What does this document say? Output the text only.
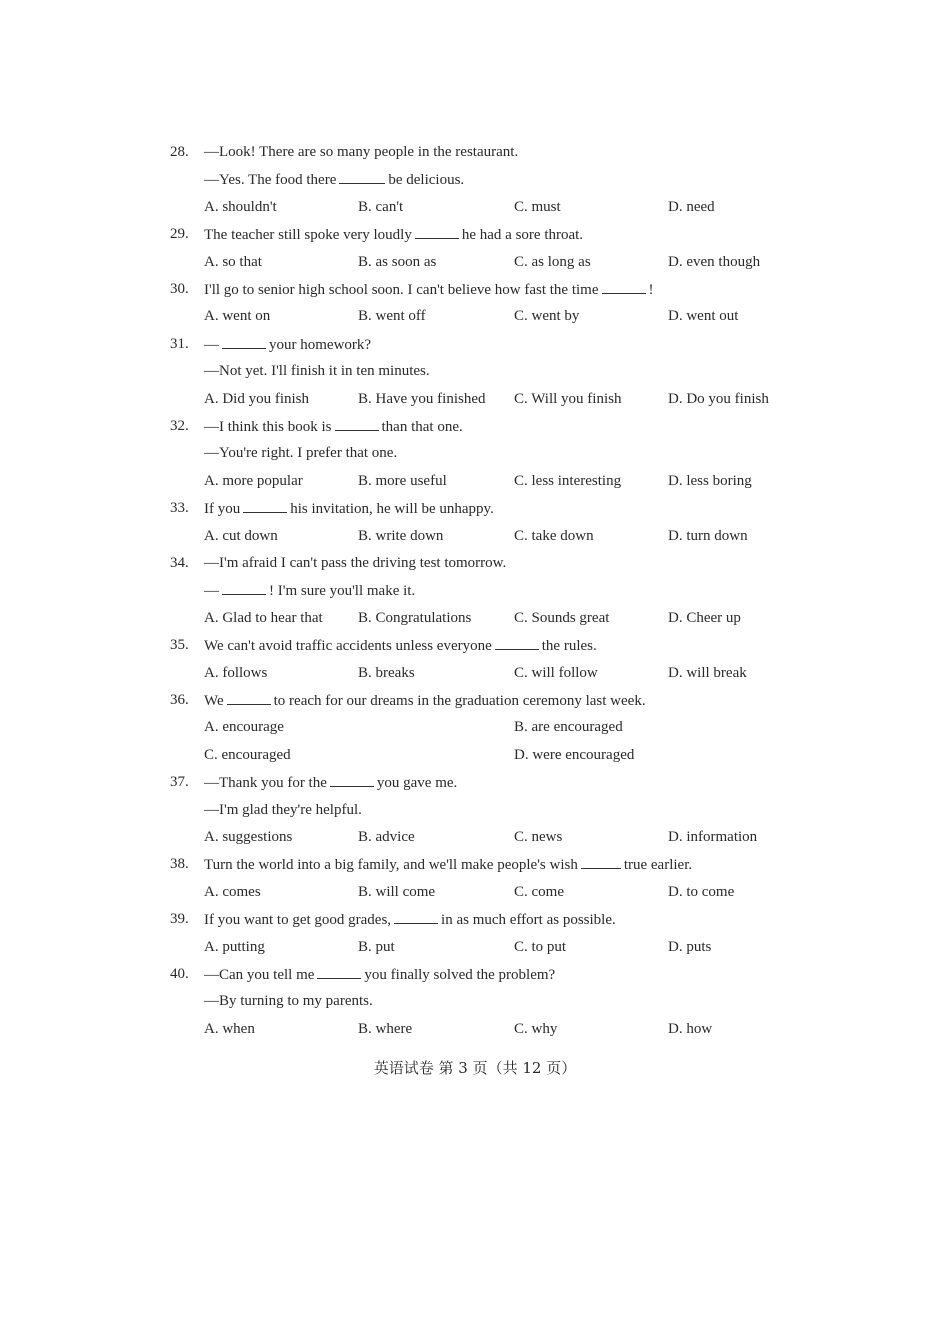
28. —Look! There are so many people in the restaurant.
—Yes. The food there	be delicious.
A. shouldn't	B. can't	C. must	D. need
29. The teacher still spoke very loudly	he had a sore throat.
A. so that	B. as soon as	C. as long as	D. even though
30. I'll go to senior high school soon. I can't believe how fast the time	!
A. went on	B. went off	C. went by	D. went out
31. —	your homework?
—Not yet. I'll finish it in ten minutes.
A. Did you finish	B. Have you finished C. Will you finish	D. Do you finish
32. —I think this book is	than that one.
—You're right. I prefer that one.
A. more popular	B. more useful	C. less interesting	D. less boring
33. If you	his invitation, he will be unhappy.
A. cut down	B. write down	C. take down	D. turn down
34. —I'm afraid I can't pass the driving test tomorrow.
—	! I'm sure you'll make it.
A. Glad to hear that B. Congratulations	C. Sounds great	D. Cheer up
35. We can't avoid traffic accidents unless everyone	the rules.
A. follows	B. breaks	C. will follow	D. will break
36. We	to reach for our dreams in the graduation ceremony last week.
A. encourage	B. are encouraged
C. encouraged	D. were encouraged
37. —Thank you for the	you gave me.
—I'm glad they're helpful.
A. suggestions	B. advice	C. news	D. information
38. Turn the world into a big family, and we'll make people's wish	true earlier.
A. comes	B. will come	C. come	D. to come
39. If you want to get good grades,	in as much effort as possible.
A. putting	B. put	C. to put	D. puts
40. —Can you tell me	you finally solved the problem?
—By turning to my parents.
A. when	B. where	C. why	D. how
英语试卷 第 3 页（共 12 页）
